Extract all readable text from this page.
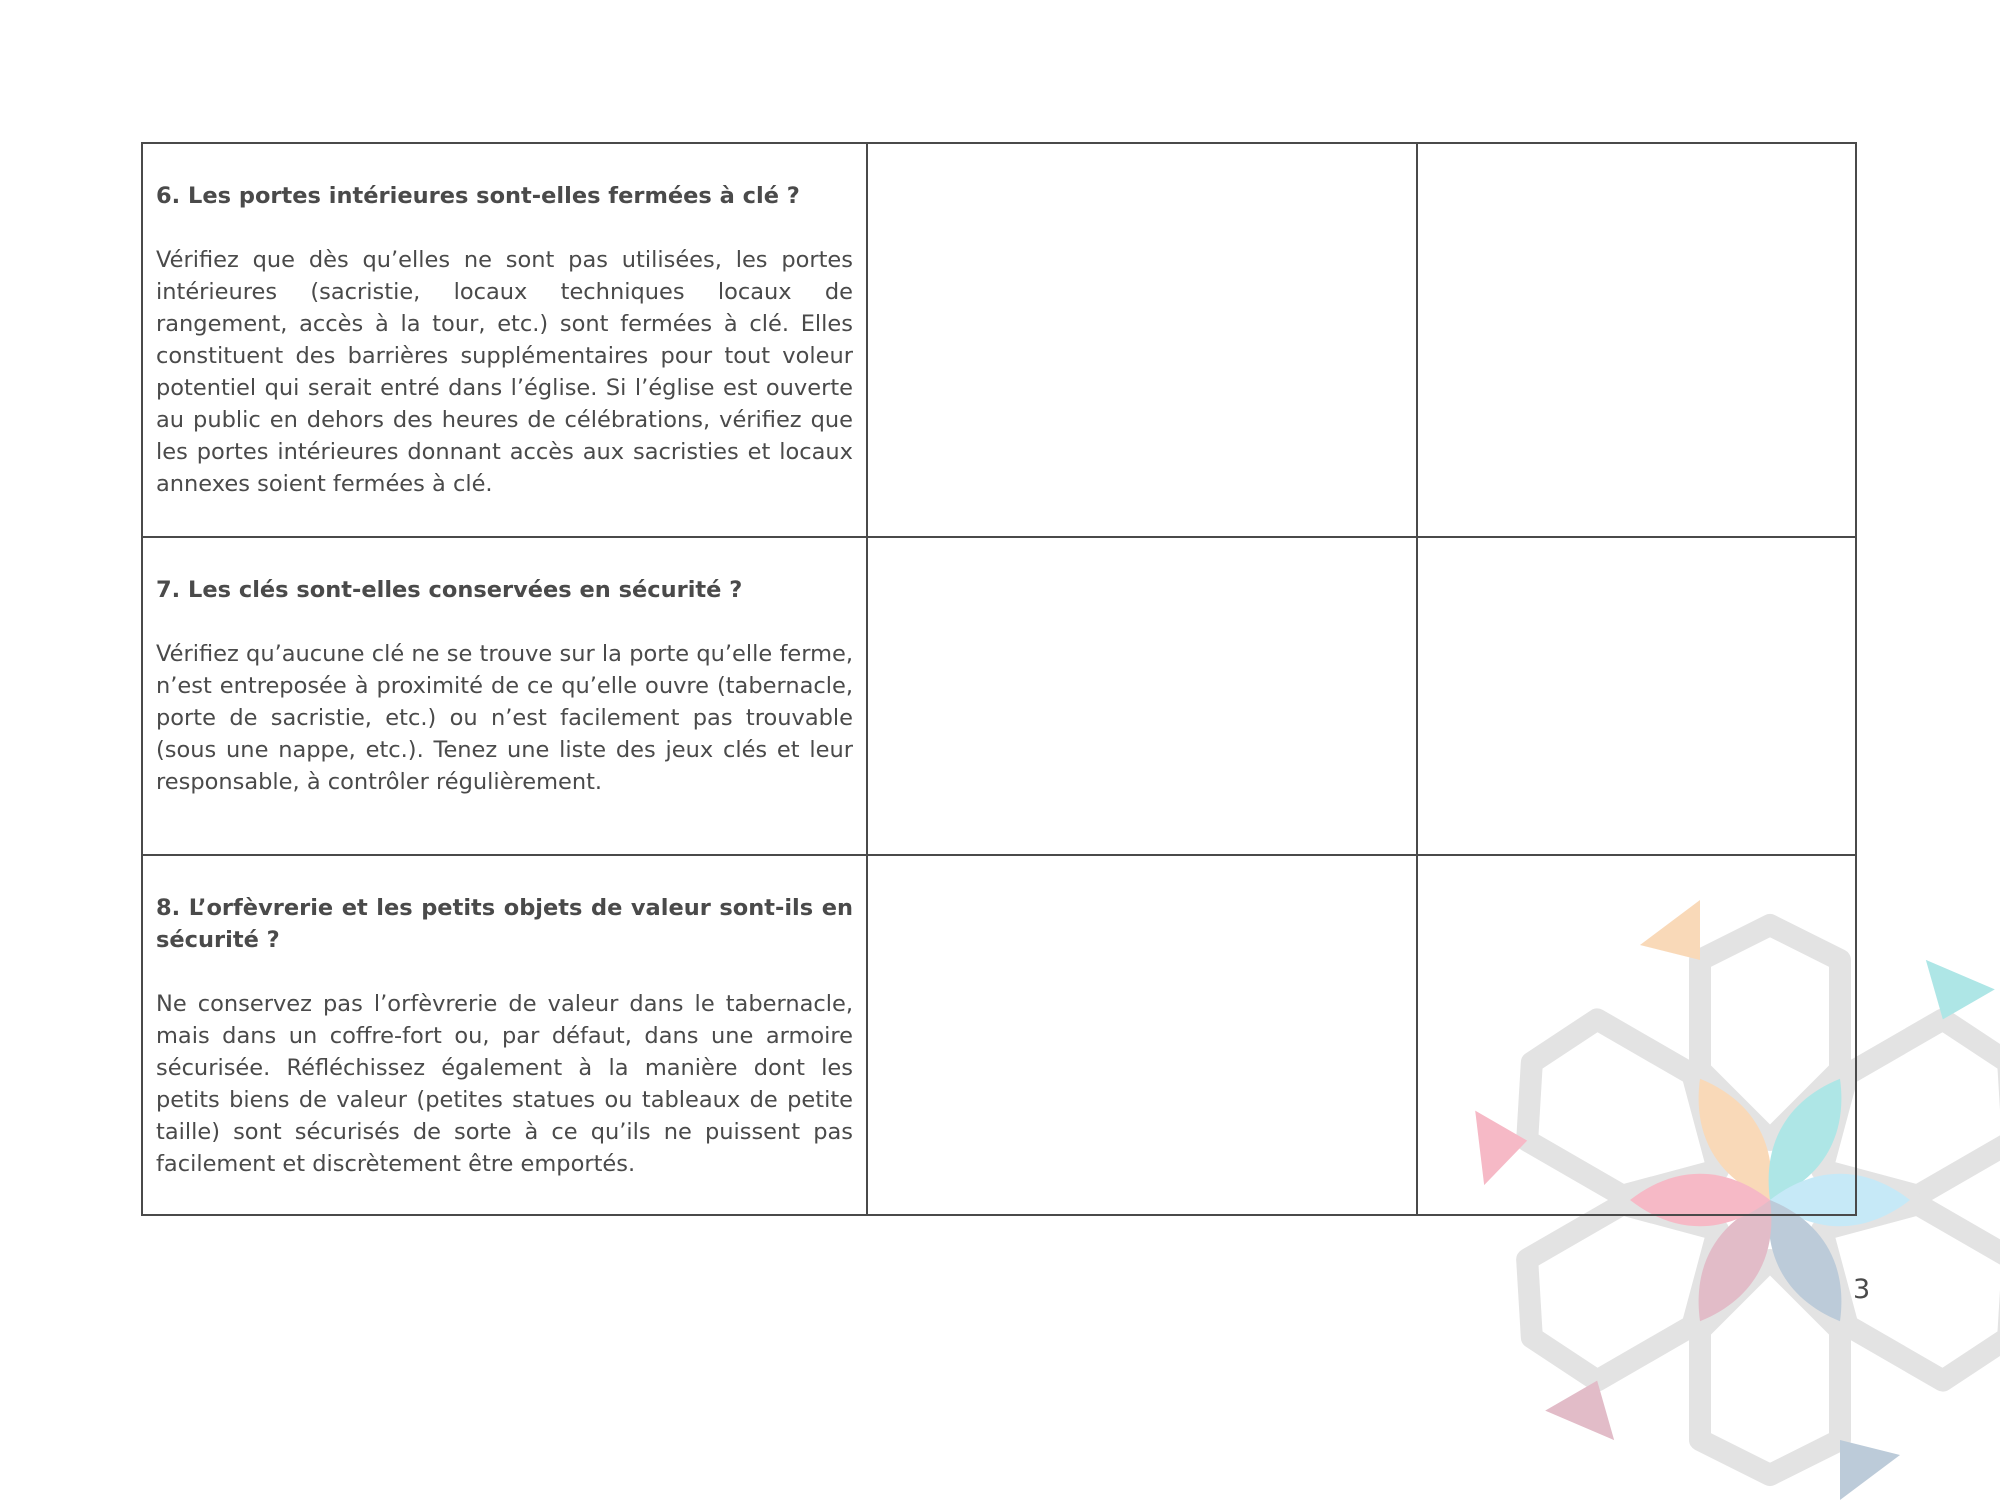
6. Les portes intérieures sont-elles fermées à clé ?

Vérifiez que dès qu’elles ne sont pas utilisées, les portes intérieures (sacristie, locaux techniques locaux de rangement, accès à la tour, etc.) sont fermées à clé. Elles constituent des barrières supplémentaires pour tout voleur potentiel qui serait entré dans l’église. Si l’église est ouverte au public en dehors des heures de célébrations, vérifiez que les portes intérieures donnant accès aux sacristies et locaux annexes soient fermées à clé.		

7. Les clés sont-elles conservées en sécurité ?

Vérifiez qu’aucune clé ne se trouve sur la porte qu’elle ferme, n’est entreposée à proximité de ce qu’elle ouvre (tabernacle, porte de sacristie, etc.) ou n’est facilement pas trouvable (sous une nappe, etc.). Tenez une liste des jeux clés et leur responsable, à contrôler régulièrement.		

8. L’orfèvrerie et les petits objets de valeur sont-ils en sécurité ?

Ne conservez pas l’orfèvrerie de valeur dans le tabernacle, mais dans un coffre-fort ou, par défaut, dans une armoire sécurisée. Réfléchissez également à la manière dont les petits biens de valeur (petites statues ou tableaux de petite taille) sont sécurisés de sorte à ce qu’ils ne puissent pas facilement et discrètement être emportés.		

3
